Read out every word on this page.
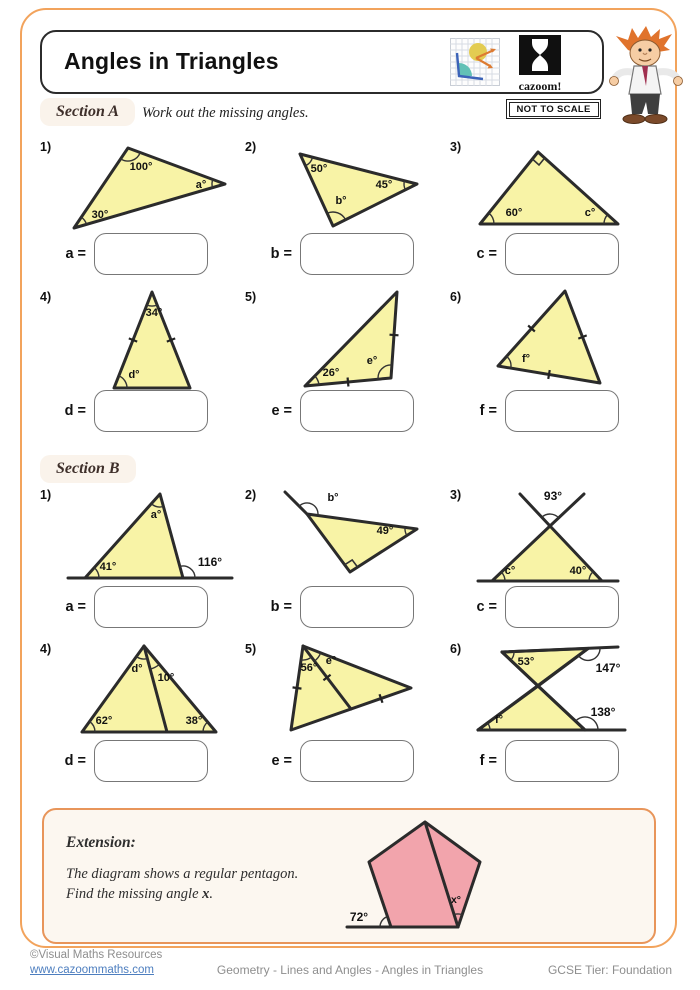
Angles in Triangles
cazoom!
Section A	Work out the missing angles.	NOT TO SCALE
1)
100°
a°
30°
2)
50°
45°
b°
3)
60°	c°
a =	b =	c =
4)
34°
d°
5)
26°
e°
6)
f°
d =	e =	f =
Section B
1)
a°
41°	116°
2)	b°
49°
3)	93°
c°	40°
a =	b =	c =
4)
d°
10°
62°	38°
5)
56°
e°
6)
53°	147°
f°
138°
d =	e =	f =
Extension:
The diagram shows a regular pentagon.
Find the missing angle x.
72°
x°
©Visual Maths Resources
www.cazoommaths.com	Geometry - Lines and Angles - Angles in Triangles	GCSE Tier: Foundation
